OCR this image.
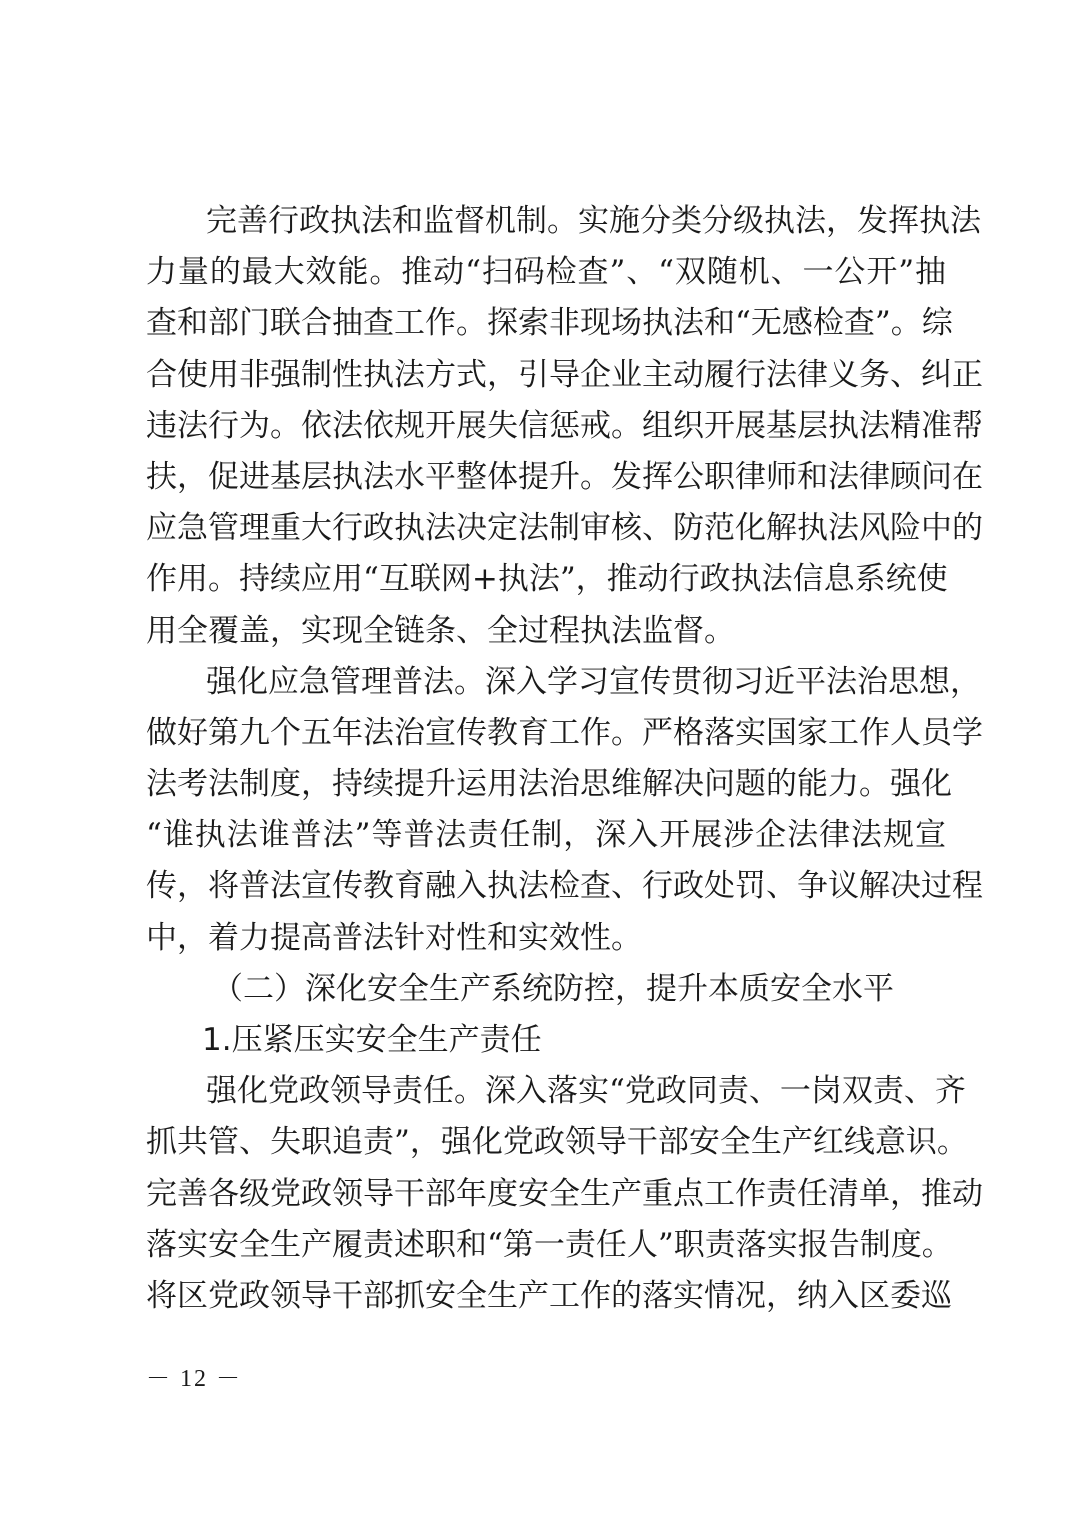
完善行政执法和监督机制。实施分类分级执法，发挥执法
力量的最大效能。推动“扫码检查”、“双随机、一公开”抽
查和部门联合抽查工作。探索非现场执法和“无感检查”。综
合使用非强制性执法方式，引导企业主动履行法律义务、纠正
违法行为。依法依规开展失信惩戒。组织开展基层执法精准帮
扶，促进基层执法水平整体提升。发挥公职律师和法律顾问在
应急管理重大行政执法决定法制审核、防范化解执法风险中的
作用。持续应用“互联网+执法”，推动行政执法信息系统使
用全覆盖，实现全链条、全过程执法监督。
强化应急管理普法。深入学习宣传贯彻习近平法治思想，
做好第九个五年法治宣传教育工作。严格落实国家工作人员学
法考法制度，持续提升运用法治思维解决问题的能力。强化
“谁执法谁普法”等普法责任制，深入开展涉企法律法规宣
传，将普法宣传教育融入执法检查、行政处罚、争议解决过程
中，着力提高普法针对性和实效性。
（二）深化安全生产系统防控，提升本质安全水平
1.压紧压实安全生产责任
强化党政领导责任。深入落实“党政同责、一岗双责、齐
抓共管、失职追责”，强化党政领导干部安全生产红线意识。
完善各级党政领导干部年度安全生产重点工作责任清单，推动
落实安全生产履责述职和“第一责任人”职责落实报告制度。
将区党政领导干部抓安全生产工作的落实情况，纳入区委巡
－ 12 －
